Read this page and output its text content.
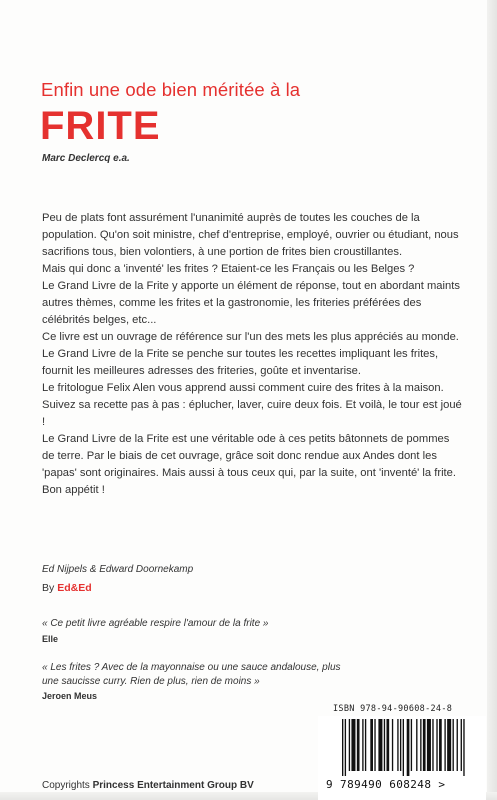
Enfin une ode bien méritée à la
FRITE
Marc Declercq e.a.

Peu de plats font assurément l'unanimité auprès de toutes les couches de la population. Qu'on soit ministre, chef d'entreprise, employé, ouvrier ou étudiant, nous sacrifions tous, bien volontiers, à une portion de frites bien croustillantes.

Mais qui donc a 'inventé' les frites ? Etaient-ce les Français ou les Belges ?

Le Grand Livre de la Frite y apporte un élément de réponse, tout en abordant maints autres thèmes, comme les frites et la gastronomie, les friteries préférées des célébrités belges, etc...

Ce livre est un ouvrage de référence sur l'un des mets les plus appréciés au monde. Le Grand Livre de la Frite se penche sur toutes les recettes impliquant les frites, fournit les meilleures adresses des friteries, goûte et inventarise.

Le fritologue Felix Alen vous apprend aussi comment cuire des frites à la maison. Suivez sa recette pas à pas : éplucher, laver, cuire deux fois. Et voilà, le tour est joué !

Le Grand Livre de la Frite est une véritable ode à ces petits bâtonnets de pommes de terre. Par le biais de cet ouvrage, grâce soit donc rendue aux Andes dont les 'papas' sont originaires. Mais aussi à tous ceux qui, par la suite, ont 'inventé' la frite. Bon appétit !

Ed Nijpels & Edward Doornekamp
By Ed&Ed
« Ce petit livre agréable respire l'amour de la frite »
Elle
« Les frites ? Avec de la mayonnaise ou une sauce andalouse, plus une saucisse curry. Rien de plus, rien de moins »
Jeroen Meus
ISBN 978-94-90608-24-8
9 789490 608248 >
Copyrights Princess Entertainment Group BV
